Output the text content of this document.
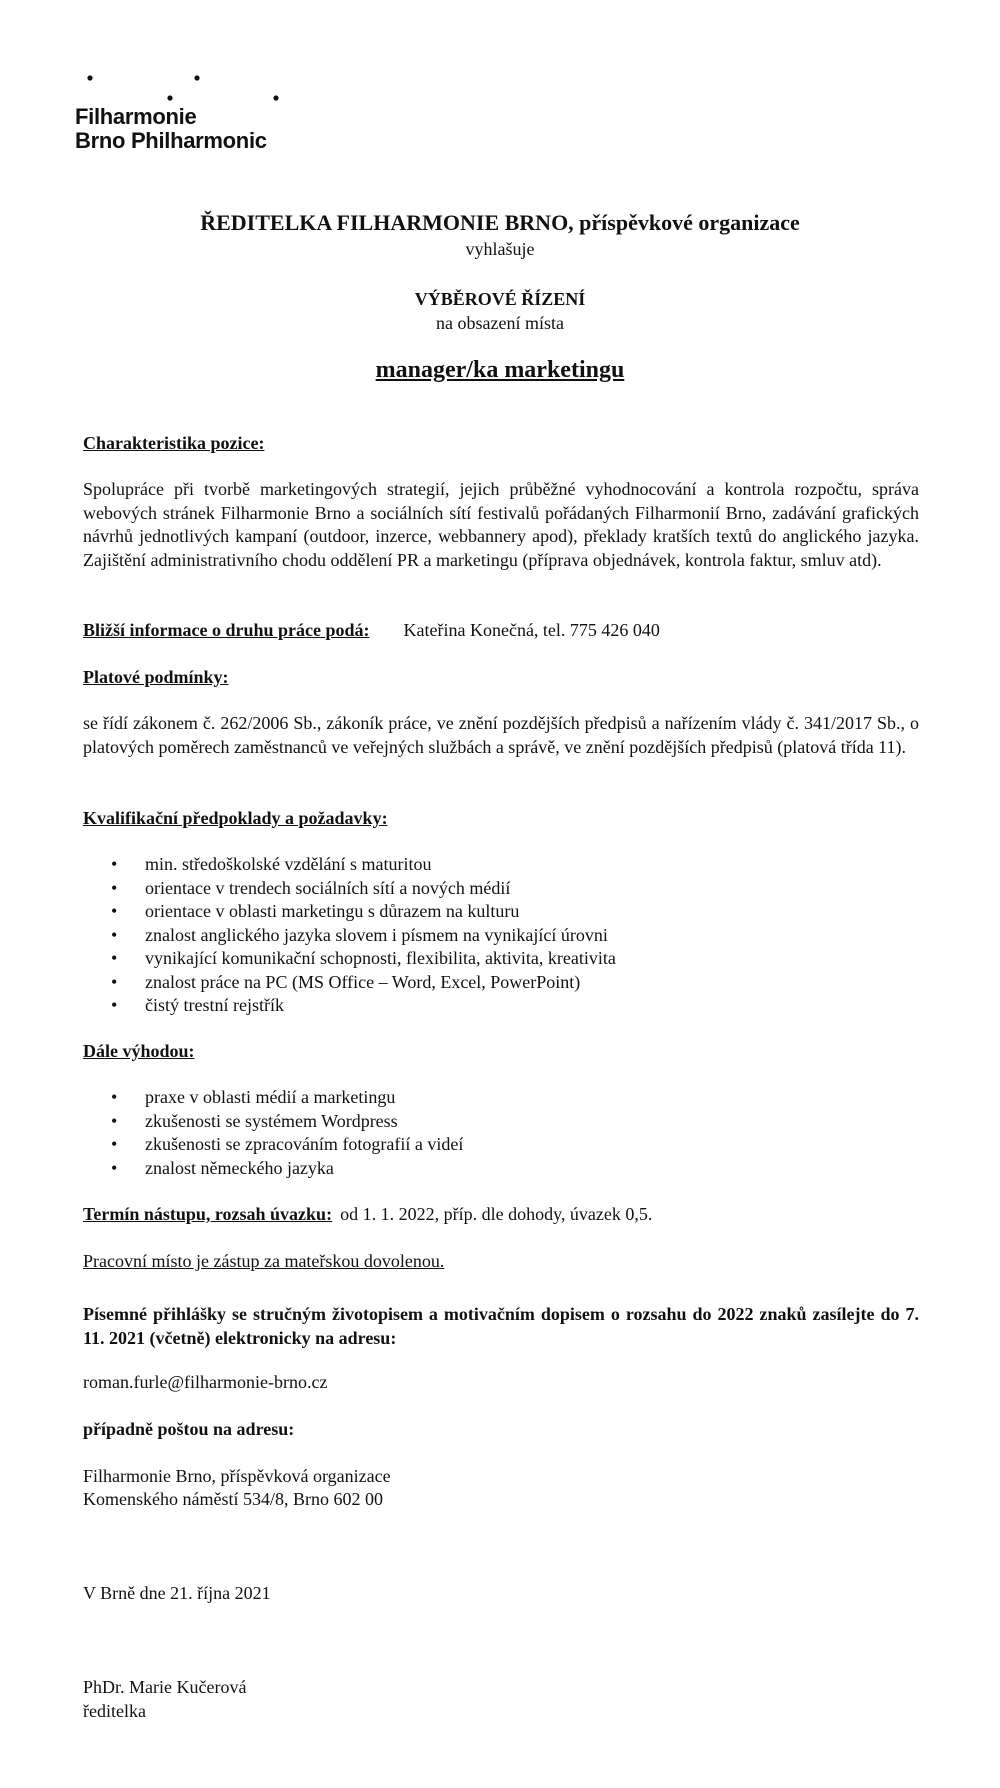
Filharmonie
Brno Philharmonic
ŘEDITELKA FILHARMONIE BRNO, příspěvkové organizace
vyhlašuje
VÝBĚROVÉ ŘÍZENÍ
na obsazení místa
manager/ka marketingu
Charakteristika pozice:
Spolupráce při tvorbě marketingových strategií, jejich průběžné vyhodnocování a kontrola rozpočtu, správa webových stránek Filharmonie Brno a sociálních sítí festivalů pořádaných Filharmonií Brno, zadávání grafických návrhů jednotlivých kampaní (outdoor, inzerce, webbannery apod), překlady kratších textů do anglického jazyka. Zajištění administrativního chodu oddělení PR a marketingu (příprava objednávek, kontrola faktur, smluv atd).
Bližší informace o druhu práce podá: Kateřina Konečná, tel. 775 426 040
Platové podmínky:
se řídí zákonem č. 262/2006 Sb., zákoník práce, ve znění pozdějších předpisů a nařízením vlády č. 341/2017 Sb., o platových poměrech zaměstnanců ve veřejných službách a správě, ve znění pozdějších předpisů (platová třída 11).
Kvalifikační předpoklady a požadavky:
• min. středoškolské vzdělání s maturitou
• orientace v trendech sociálních sítí a nových médií
• orientace v oblasti marketingu s důrazem na kulturu
• znalost anglického jazyka slovem i písmem na vynikající úrovni
• vynikající komunikační schopnosti, flexibilita, aktivita, kreativita
• znalost práce na PC (MS Office – Word, Excel, PowerPoint)
• čistý trestní rejstřík
Dále výhodou:
• praxe v oblasti médií a marketingu
• zkušenosti se systémem Wordpress
• zkušenosti se zpracováním fotografií a videí
• znalost německého jazyka
Termín nástupu, rozsah úvazku: od 1. 1. 2022, příp. dle dohody, úvazek 0,5.
Pracovní místo je zástup za mateřskou dovolenou.
Písemné přihlášky se stručným životopisem a motivačním dopisem o rozsahu do 2022 znaků zasílejte do 7. 11. 2021 (včetně) elektronicky na adresu:
roman.furle@filharmonie-brno.cz
případně poštou na adresu:
Filharmonie Brno, příspěvková organizace
Komenského náměstí 534/8, Brno 602 00
V Brně dne 21. října 2021
PhDr. Marie Kučerová
ředitelka
